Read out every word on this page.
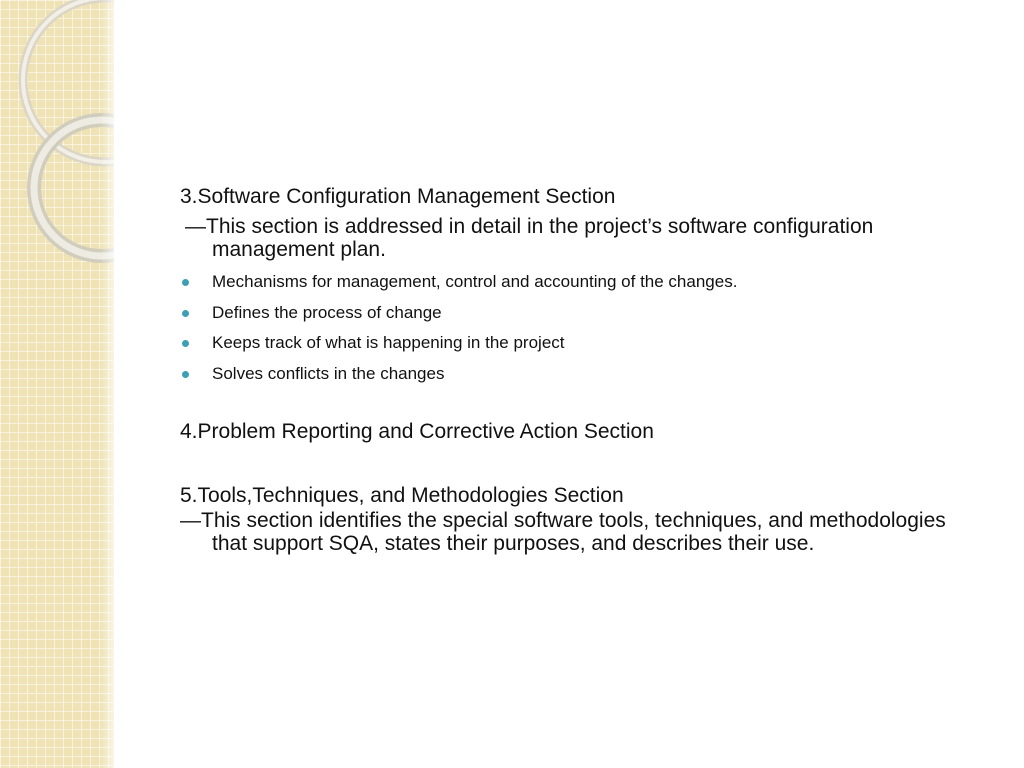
3.Software Configuration Management Section

—This section is addressed in detail in the project’s software configuration management plan.

Mechanisms for management, control and accounting of the changes.
Defines the process of change
Keeps track of what is happening in the project
Solves conflicts in the changes

4.Problem Reporting and Corrective Action Section

5.Tools,Techniques, and Methodologies Section

—This section identifies the special software tools, techniques, and methodologies that support SQA, states their purposes, and describes their use.
